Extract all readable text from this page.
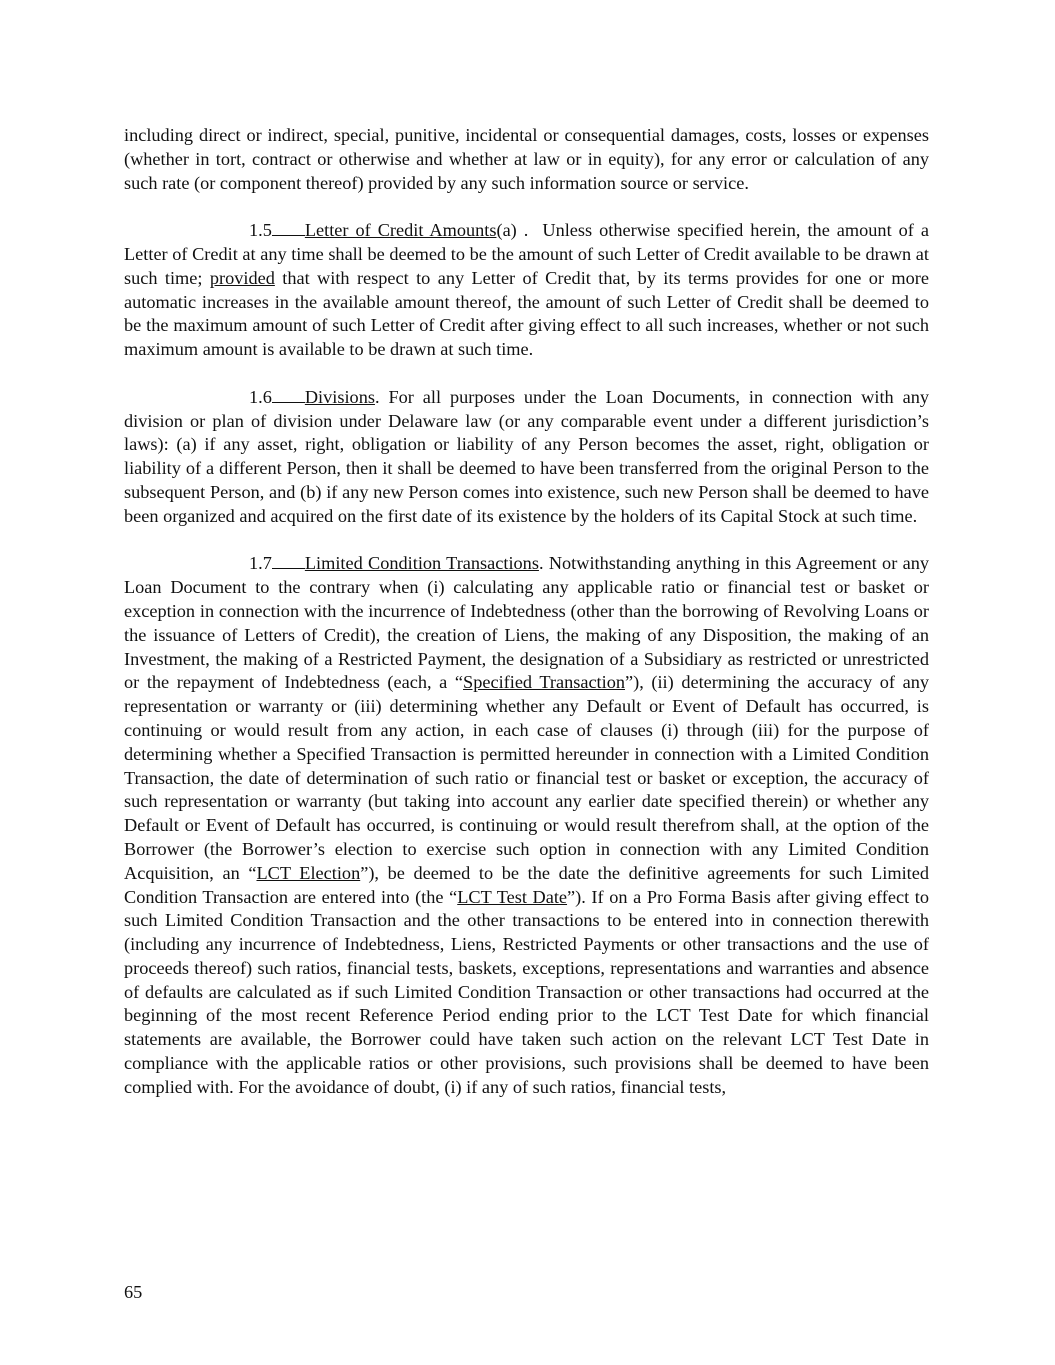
including direct or indirect, special, punitive, incidental or consequential damages, costs, losses or expenses (whether in tort, contract or otherwise and whether at law or in equity), for any error or calculation of any such rate (or component thereof) provided by any such information source or service.

1.5 Letter of Credit Amounts(a) .  Unless otherwise specified herein, the amount of a Letter of Credit at any time shall be deemed to be the amount of such Letter of Credit available to be drawn at such time; provided that with respect to any Letter of Credit that, by its terms provides for one or more automatic increases in the available amount thereof, the amount of such Letter of Credit shall be deemed to be the maximum amount of such Letter of Credit after giving effect to all such increases, whether or not such maximum amount is available to be drawn at such time.

1.6 Divisions. For all purposes under the Loan Documents, in connection with any division or plan of division under Delaware law (or any comparable event under a different jurisdiction’s laws): (a) if any asset, right, obligation or liability of any Person becomes the asset, right, obligation or liability of a different Person, then it shall be deemed to have been transferred from the original Person to the subsequent Person, and (b) if any new Person comes into existence, such new Person shall be deemed to have been organized and acquired on the first date of its existence by the holders of its Capital Stock at such time.

1.7 Limited Condition Transactions. Notwithstanding anything in this Agreement or any Loan Document to the contrary when (i) calculating any applicable ratio or financial test or basket or exception in connection with the incurrence of Indebtedness (other than the borrowing of Revolving Loans or the issuance of Letters of Credit), the creation of Liens, the making of any Disposition, the making of an Investment, the making of a Restricted Payment, the designation of a Subsidiary as restricted or unrestricted or the repayment of Indebtedness (each, a “Specified Transaction”), (ii) determining the accuracy of any representation or warranty or (iii) determining whether any Default or Event of Default has occurred, is continuing or would result from any action, in each case of clauses (i) through (iii) for the purpose of determining whether a Specified Transaction is permitted hereunder in connection with a Limited Condition Transaction, the date of determination of such ratio or financial test or basket or exception, the accuracy of such representation or warranty (but taking into account any earlier date specified therein) or whether any Default or Event of Default has occurred, is continuing or would result therefrom shall, at the option of the Borrower (the Borrower’s election to exercise such option in connection with any Limited Condition Acquisition, an “LCT Election”), be deemed to be the date the definitive agreements for such Limited Condition Transaction are entered into (the “LCT Test Date”). If on a Pro Forma Basis after giving effect to such Limited Condition Transaction and the other transactions to be entered into in connection therewith (including any incurrence of Indebtedness, Liens, Restricted Payments or other transactions and the use of proceeds thereof) such ratios, financial tests, baskets, exceptions, representations and warranties and absence of defaults are calculated as if such Limited Condition Transaction or other transactions had occurred at the beginning of the most recent Reference Period ending prior to the LCT Test Date for which financial statements are available, the Borrower could have taken such action on the relevant LCT Test Date in compliance with the applicable ratios or other provisions, such provisions shall be deemed to have been complied with. For the avoidance of doubt, (i) if any of such ratios, financial tests,

65
